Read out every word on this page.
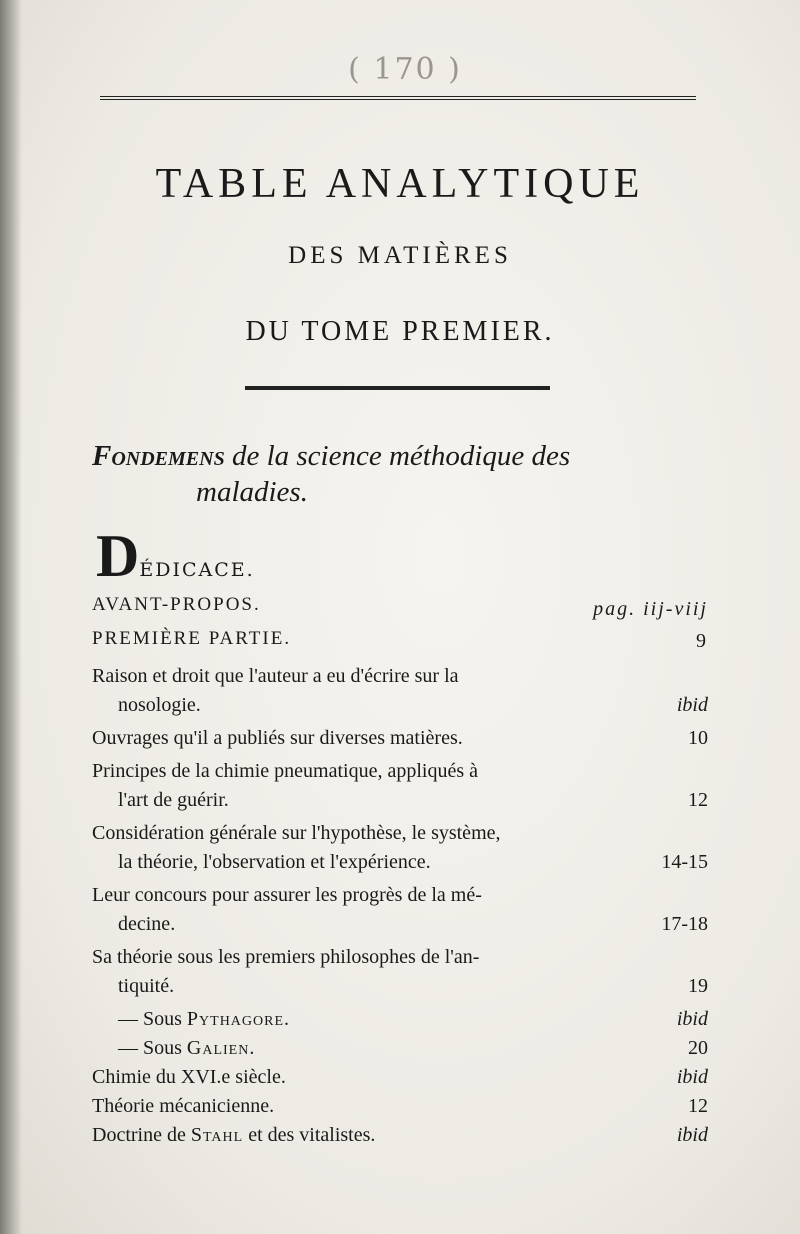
( 170 )
TABLE ANALYTIQUE
DES MATIÈRES
DU TOME PREMIER.
Fondemens de la science méthodique des
maladies.
DÉDICACE.
AVANT-PROPOS.	pag. iij-viij
PREMIÈRE PARTIE.	9
Raison et droit que l'auteur a eu d'écrire sur la
nosologie.	ibid
Ouvrages qu'il a publiés sur diverses matières.	10
Principes de la chimie pneumatique, appliqués à
l'art de guérir.	12
Considération générale sur l'hypothèse, le système,
la théorie, l'observation et l'expérience.	14-15
Leur concours pour assurer les progrès de la mé-
decine.	17-18
Sa théorie sous les premiers philosophes de l'an-
tiquité.	19
— Sous Pythagore.	ibid
— Sous Galien.	20
Chimie du XVI.e siècle.	ibid
Théorie mécanicienne.	12
Doctrine de Stahl et des vitalistes.	ibid
